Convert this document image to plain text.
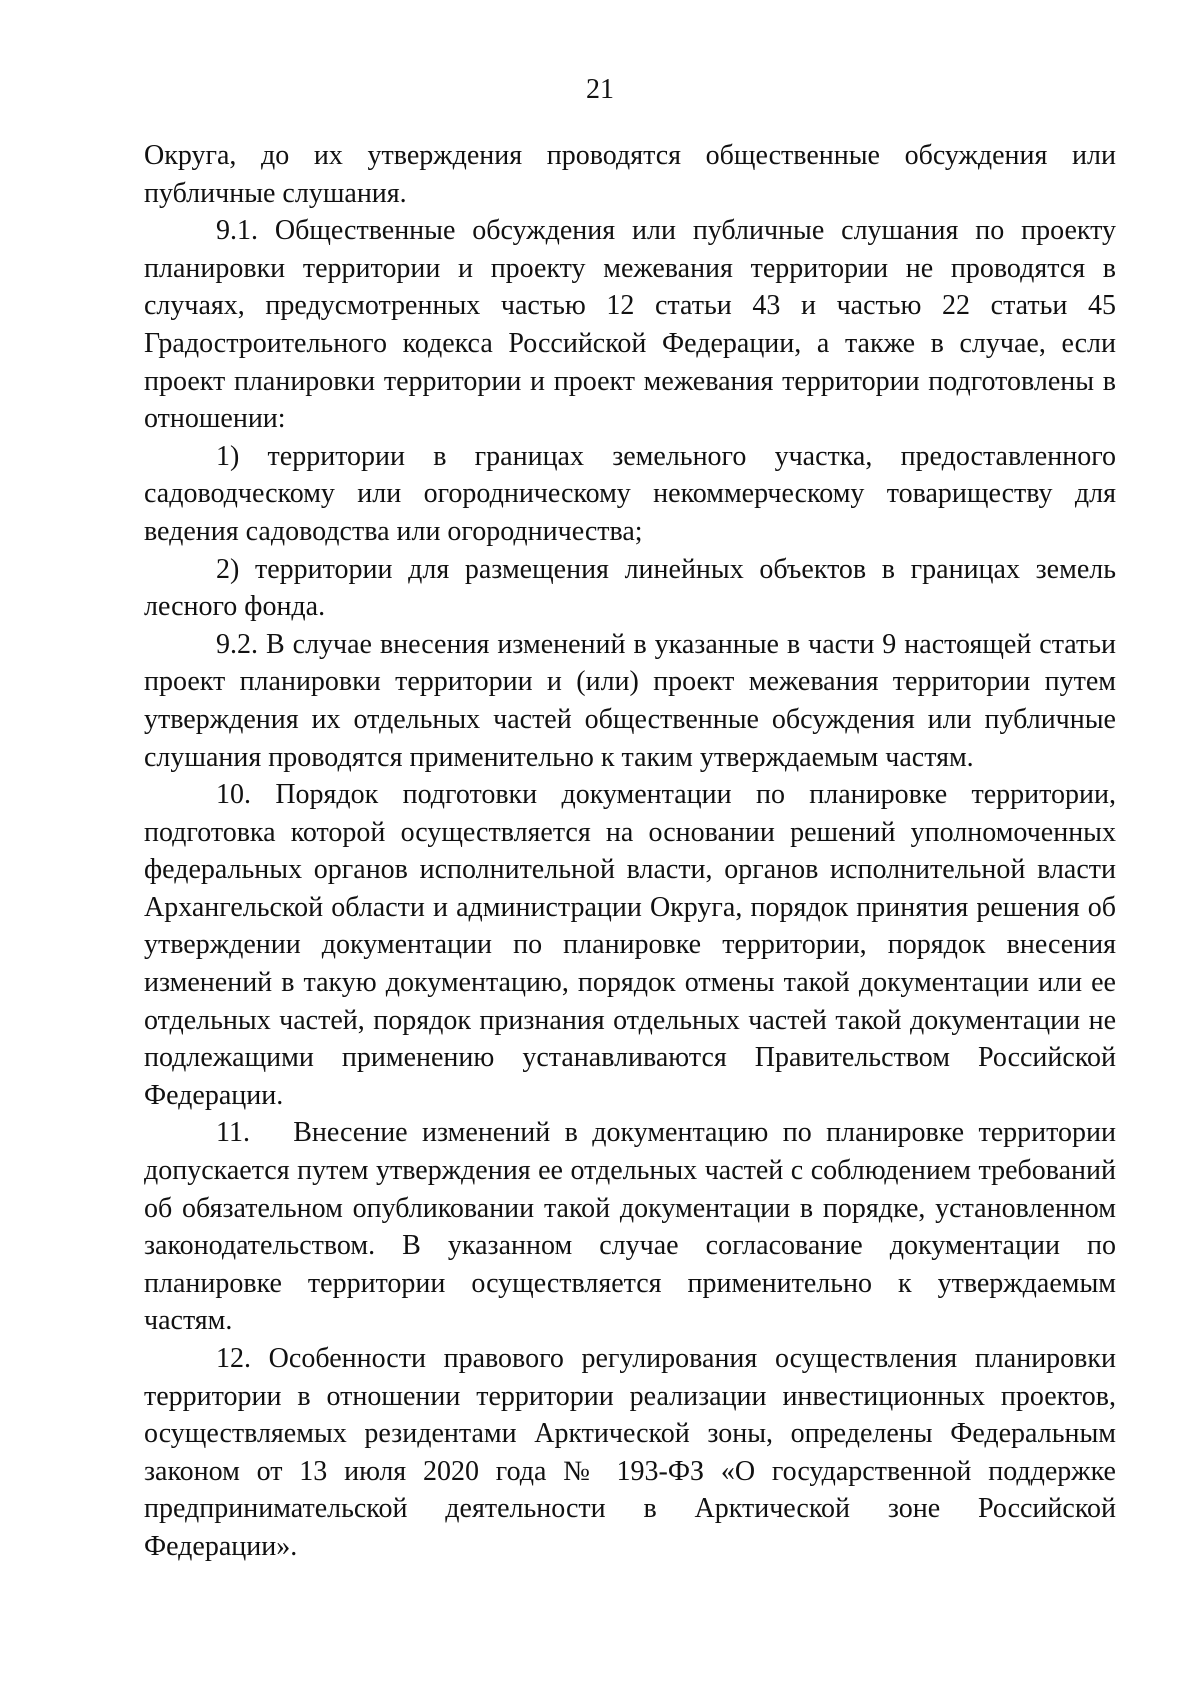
21

Округа, до их утверждения проводятся общественные обсуждения или публичные слушания.

9.1. Общественные обсуждения или публичные слушания по проекту планировки территории и проекту межевания территории не проводятся в случаях, предусмотренных частью 12 статьи 43 и частью 22 статьи 45 Градостроительного кодекса Российской Федерации, а также в случае, если проект планировки территории и проект межевания территории подготовлены в отношении:

1) территории в границах земельного участка, предоставленного садоводческому или огородническому некоммерческому товариществу для ведения садоводства или огородничества;

2) территории для размещения линейных объектов в границах земель лесного фонда.

9.2. В случае внесения изменений в указанные в части 9 настоящей статьи проект планировки территории и (или) проект межевания территории путем утверждения их отдельных частей общественные обсуждения или публичные слушания проводятся применительно к таким утверждаемым частям.

10. Порядок подготовки документации по планировке территории, подготовка которой осуществляется на основании решений уполномоченных федеральных органов исполнительной власти, органов исполнительной власти Архангельской области и администрации Округа, порядок принятия решения об утверждении документации по планировке территории, порядок внесения изменений в такую документацию, порядок отмены такой документации или ее отдельных частей, порядок признания отдельных частей такой документации не подлежащими применению устанавливаются Правительством Российской Федерации.

11.   Внесение изменений в документацию по планировке территории допускается путем утверждения ее отдельных частей с соблюдением требований об обязательном опубликовании такой документации в порядке, установленном законодательством. В указанном случае согласование документации по планировке территории осуществляется применительно к утверждаемым частям.

12. Особенности правового регулирования осуществления планировки территории в отношении территории реализации инвестиционных проектов, осуществляемых резидентами Арктической зоны, определены Федеральным законом от 13 июля 2020 года № 193-ФЗ «О государственной поддержке предпринимательской деятельности в Арктической зоне Российской Федерации».
